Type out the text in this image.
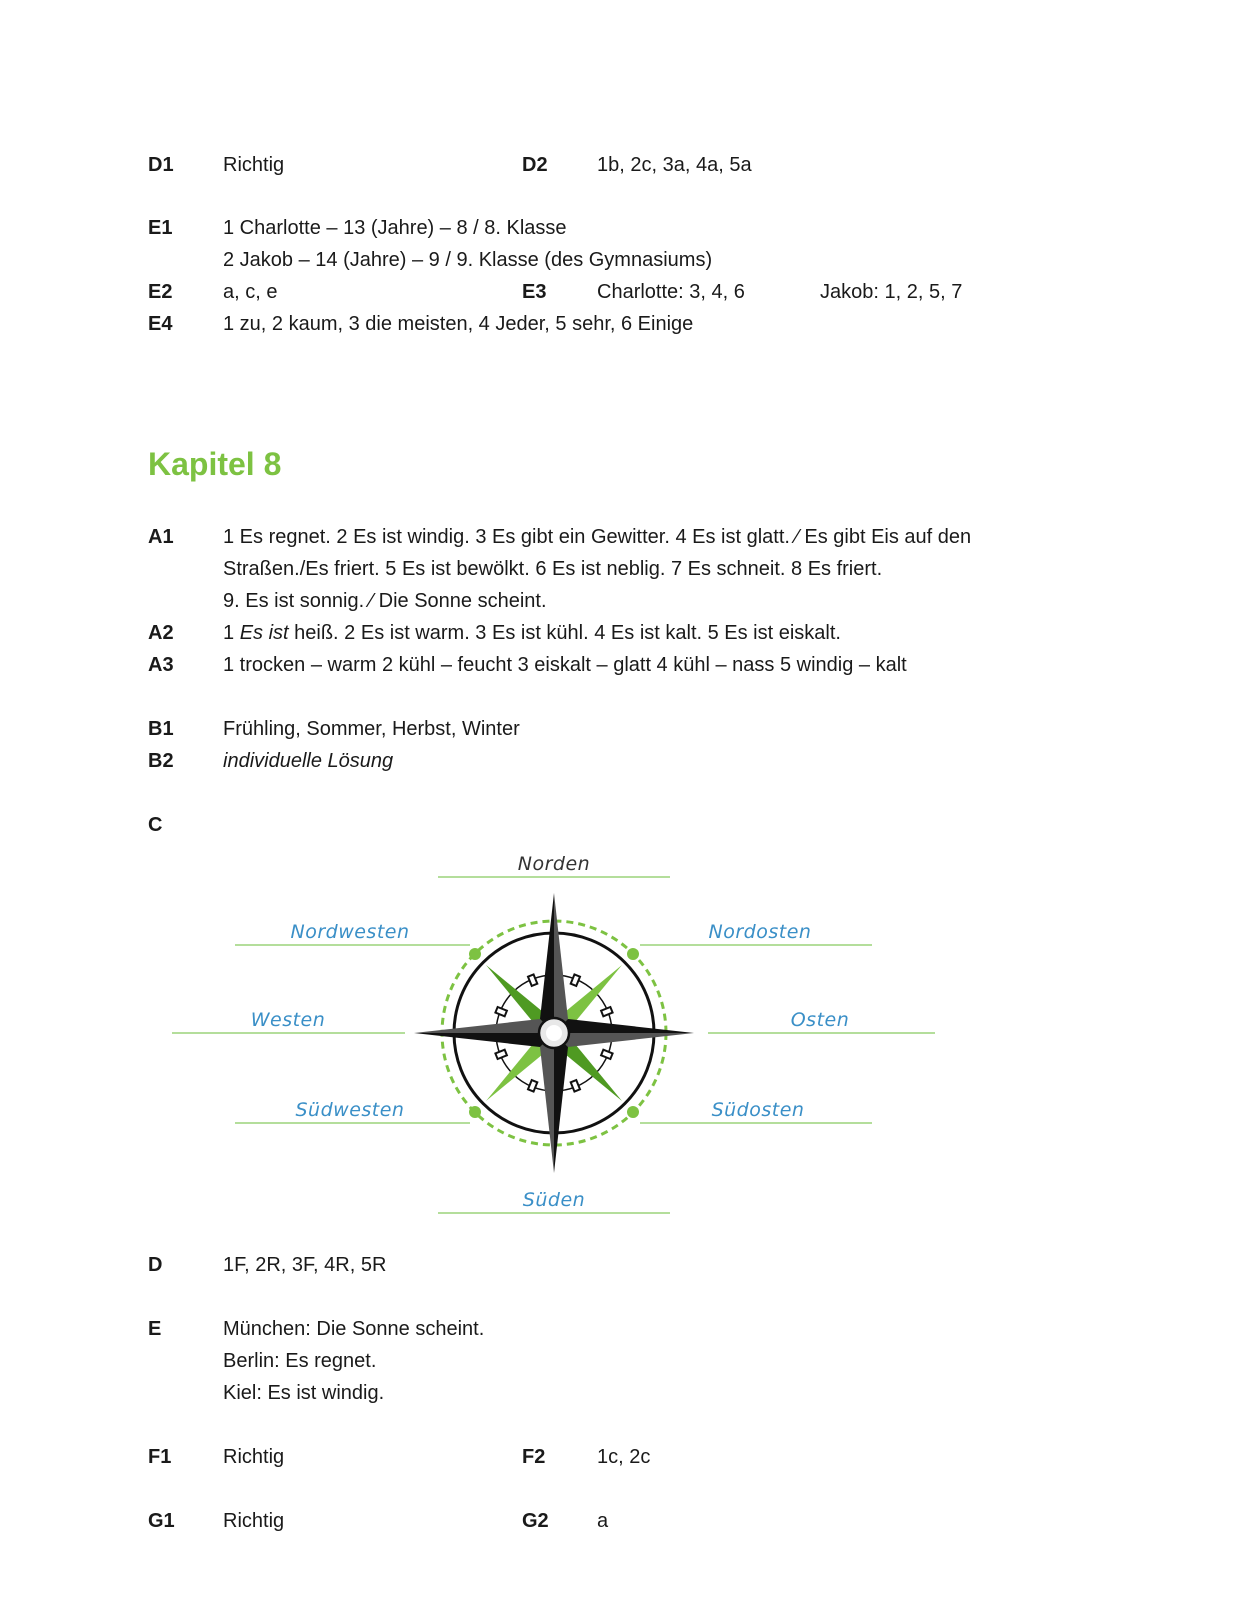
D1 Richtig	D2 1b, 2c, 3a, 4a, 5a
E1	1 Charlotte – 13 (Jahre) – 8 / 8. Klasse
2 Jakob – 14 (Jahre) – 9 / 9. Klasse (des Gymnasiums)
E2	a, c, e	E3	Charlotte: 3, 4, 6	Jakob: 1, 2, 5, 7
E4	1 zu, 2 kaum, 3 die meisten, 4 Jeder, 5 sehr, 6 Einige
Kapitel 8
A1 1 Es regnet. 2 Es ist windig. 3 Es gibt ein Gewitter. 4 Es ist glatt. ⁄ Es gibt Eis auf den
Straßen./Es friert. 5 Es ist bewölkt. 6 Es ist neblig. 7 Es schneit. 8 Es friert.
9. Es ist sonnig. ⁄ Die Sonne scheint.
A2 1 Es ist heiß. 2 Es ist warm. 3 Es ist kühl. 4 Es ist kalt. 5 Es ist eiskalt.
A3 1 trocken – warm 2 kühl – feucht 3 eiskalt – glatt 4 kühl – nass 5 windig – kalt
B1 Frühling, Sommer, Herbst, Winter
B2 individuelle Lösung
C
Norden
Nordwesten	Nordosten
Westen	Osten
Südwesten	Südosten
Süden
D	1F, 2R, 3F, 4R, 5R
E	München: Die Sonne scheint.
Berlin: Es regnet.
Kiel: Es ist windig.
F1	Richtig	F2	1c, 2c
G1 Richtig	G2 a
